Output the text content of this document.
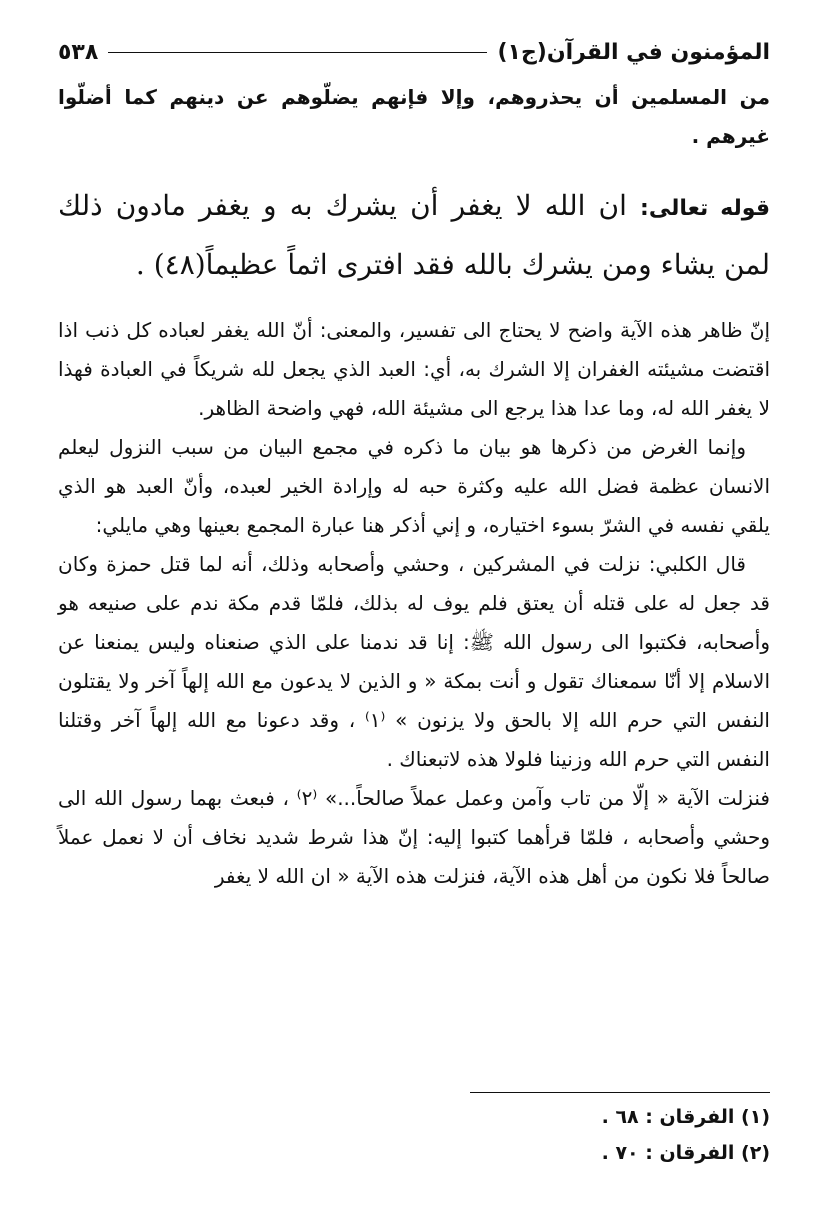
٥٣٨	المؤمنون في القرآن(ج١)

من المسلمين أن يحذروهم، وإلا فإنهم يضلّوهم عن دينهم كما أضلّوا غيرهم .

قوله تعالى: ان الله لا يغفر أن يشرك به و يغفر مادون ذلك لمن يشاء ومن يشرك بالله فقد افترى اثماً عظيماً(٤٨) .

إنّ ظاهر هذه الآية واضح لا يحتاج الى تفسير، والمعنى: أنّ الله يغفر لعباده كل ذنب اذا اقتضت مشيئته الغفران إلا الشرك به، أي: العبد الذي يجعل لله شريكاً في العبادة فهذا لا يغفر الله له، وما عدا هذا يرجع الى مشيئة الله، فهي واضحة الظاهر.

وإنما الغرض من ذكرها هو بيان ما ذكره في مجمع البيان من سبب النزول ليعلم الانسان عظمة فضل الله عليه وكثرة حبه له وإرادة الخير لعبده، وأنّ العبد هو الذي يلقي نفسه في الشرّ بسوء اختياره، و إني أذكر هنا عبارة المجمع بعينها وهي مايلي:

قال الكلبي: نزلت في المشركين ، وحشي وأصحابه وذلك، أنه لما قتل حمزة وكان قد جعل له على قتله أن يعتق فلم يوف له بذلك، فلمّا قدم مكة ندم على صنيعه هو وأصحابه، فكتبوا الى رسول الله ﷺ: إنا قد ندمنا على الذي صنعناه وليس يمنعنا عن الاسلام إلا أنّا سمعناك تقول و أنت بمكة « و الذين لا يدعون مع الله إلهاً آخر ولا يقتلون النفس التي حرم الله إلا بالحق ولا يزنون » ⁽١⁾ ، وقد دعونا مع الله إلهاً آخر وقتلنا النفس التي حرم الله وزنينا فلولا هذه لاتبعناك .

فنزلت الآية « إلّا من تاب وآمن وعمل عملاً صالحاً...» ⁽٢⁾ ، فبعث بهما رسول الله الى وحشي وأصحابه ، فلمّا قرأهما كتبوا إليه: إنّ هذا شرط شديد نخاف أن لا نعمل عملاً صالحاً فلا نكون من أهل هذه الآية، فنزلت هذه الآية « ان الله لا يغفر

(١) الفرقان : ٦٨ .
(٢) الفرقان : ٧٠ .
